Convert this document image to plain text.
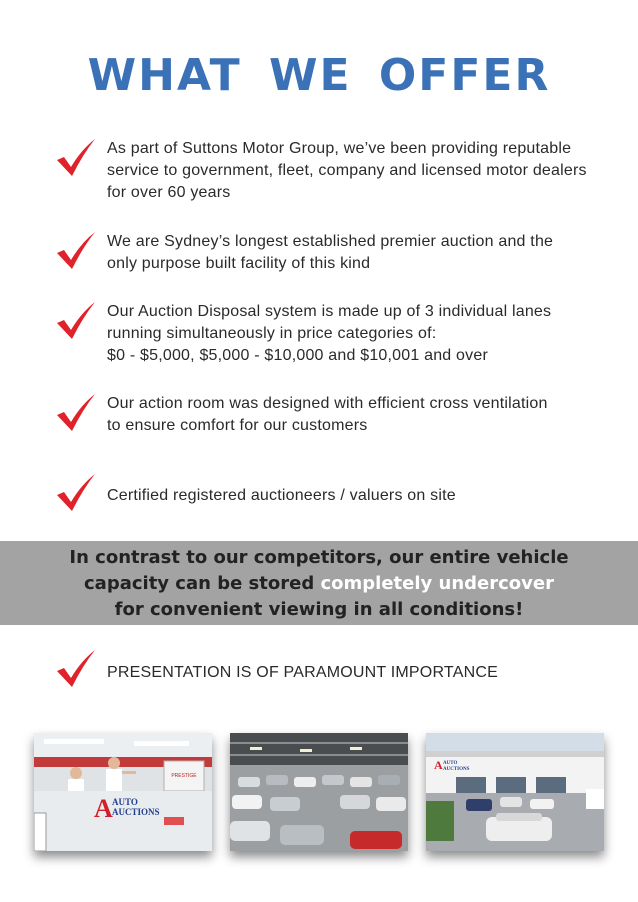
WHAT WE OFFER
As part of Suttons Motor Group, we’ve been providing reputable
service to government, fleet, company and licensed motor dealers
for over 60 years
We are Sydney’s longest established premier auction and the
only purpose built facility of this kind
Our Auction Disposal system is made up of 3 individual lanes
running simultaneously in price categories of:
$0 - $5,000, $5,000 - $10,000 and $10,001 and over
Our action room was designed with efficient cross ventilation
to ensure comfort for our customers
Certified registered auctioneers / valuers on site
In contrast to our competitors, our entire vehicle
capacity can be stored completely undercover
for convenient viewing in all conditions!
PRESENTATION IS OF PARAMOUNT IMPORTANCE
PRESTIGE
A AUTO
AUCTIONS
A AUTO
AUCTIONS
